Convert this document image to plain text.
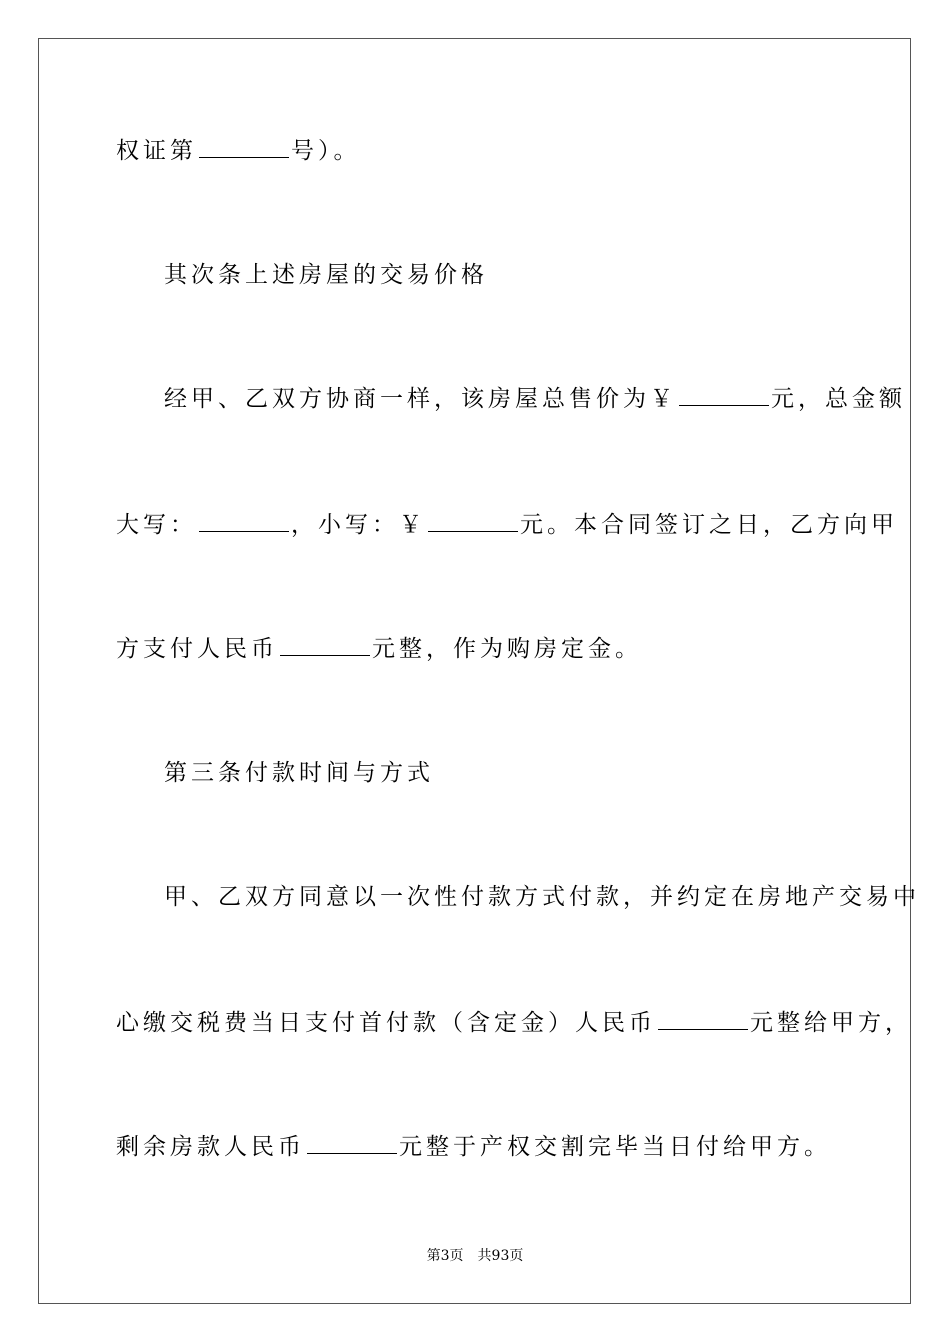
权证第	号）。
其次条上述房屋的交易价格
经甲、乙双方协商一样，该房屋总售价为￥	元，总金额
大写：	，小写：￥	元。本合同签订之日，乙方向甲
方支付人民币	元整，作为购房定金。
第三条付款时间与方式
甲、乙双方同意以一次性付款方式付款，并约定在房地产交易中
心缴交税费当日支付首付款（含定金）人民币	元整给甲方，
剩余房款人民币	元整于产权交割完毕当日付给甲方。
第3页 共93页
